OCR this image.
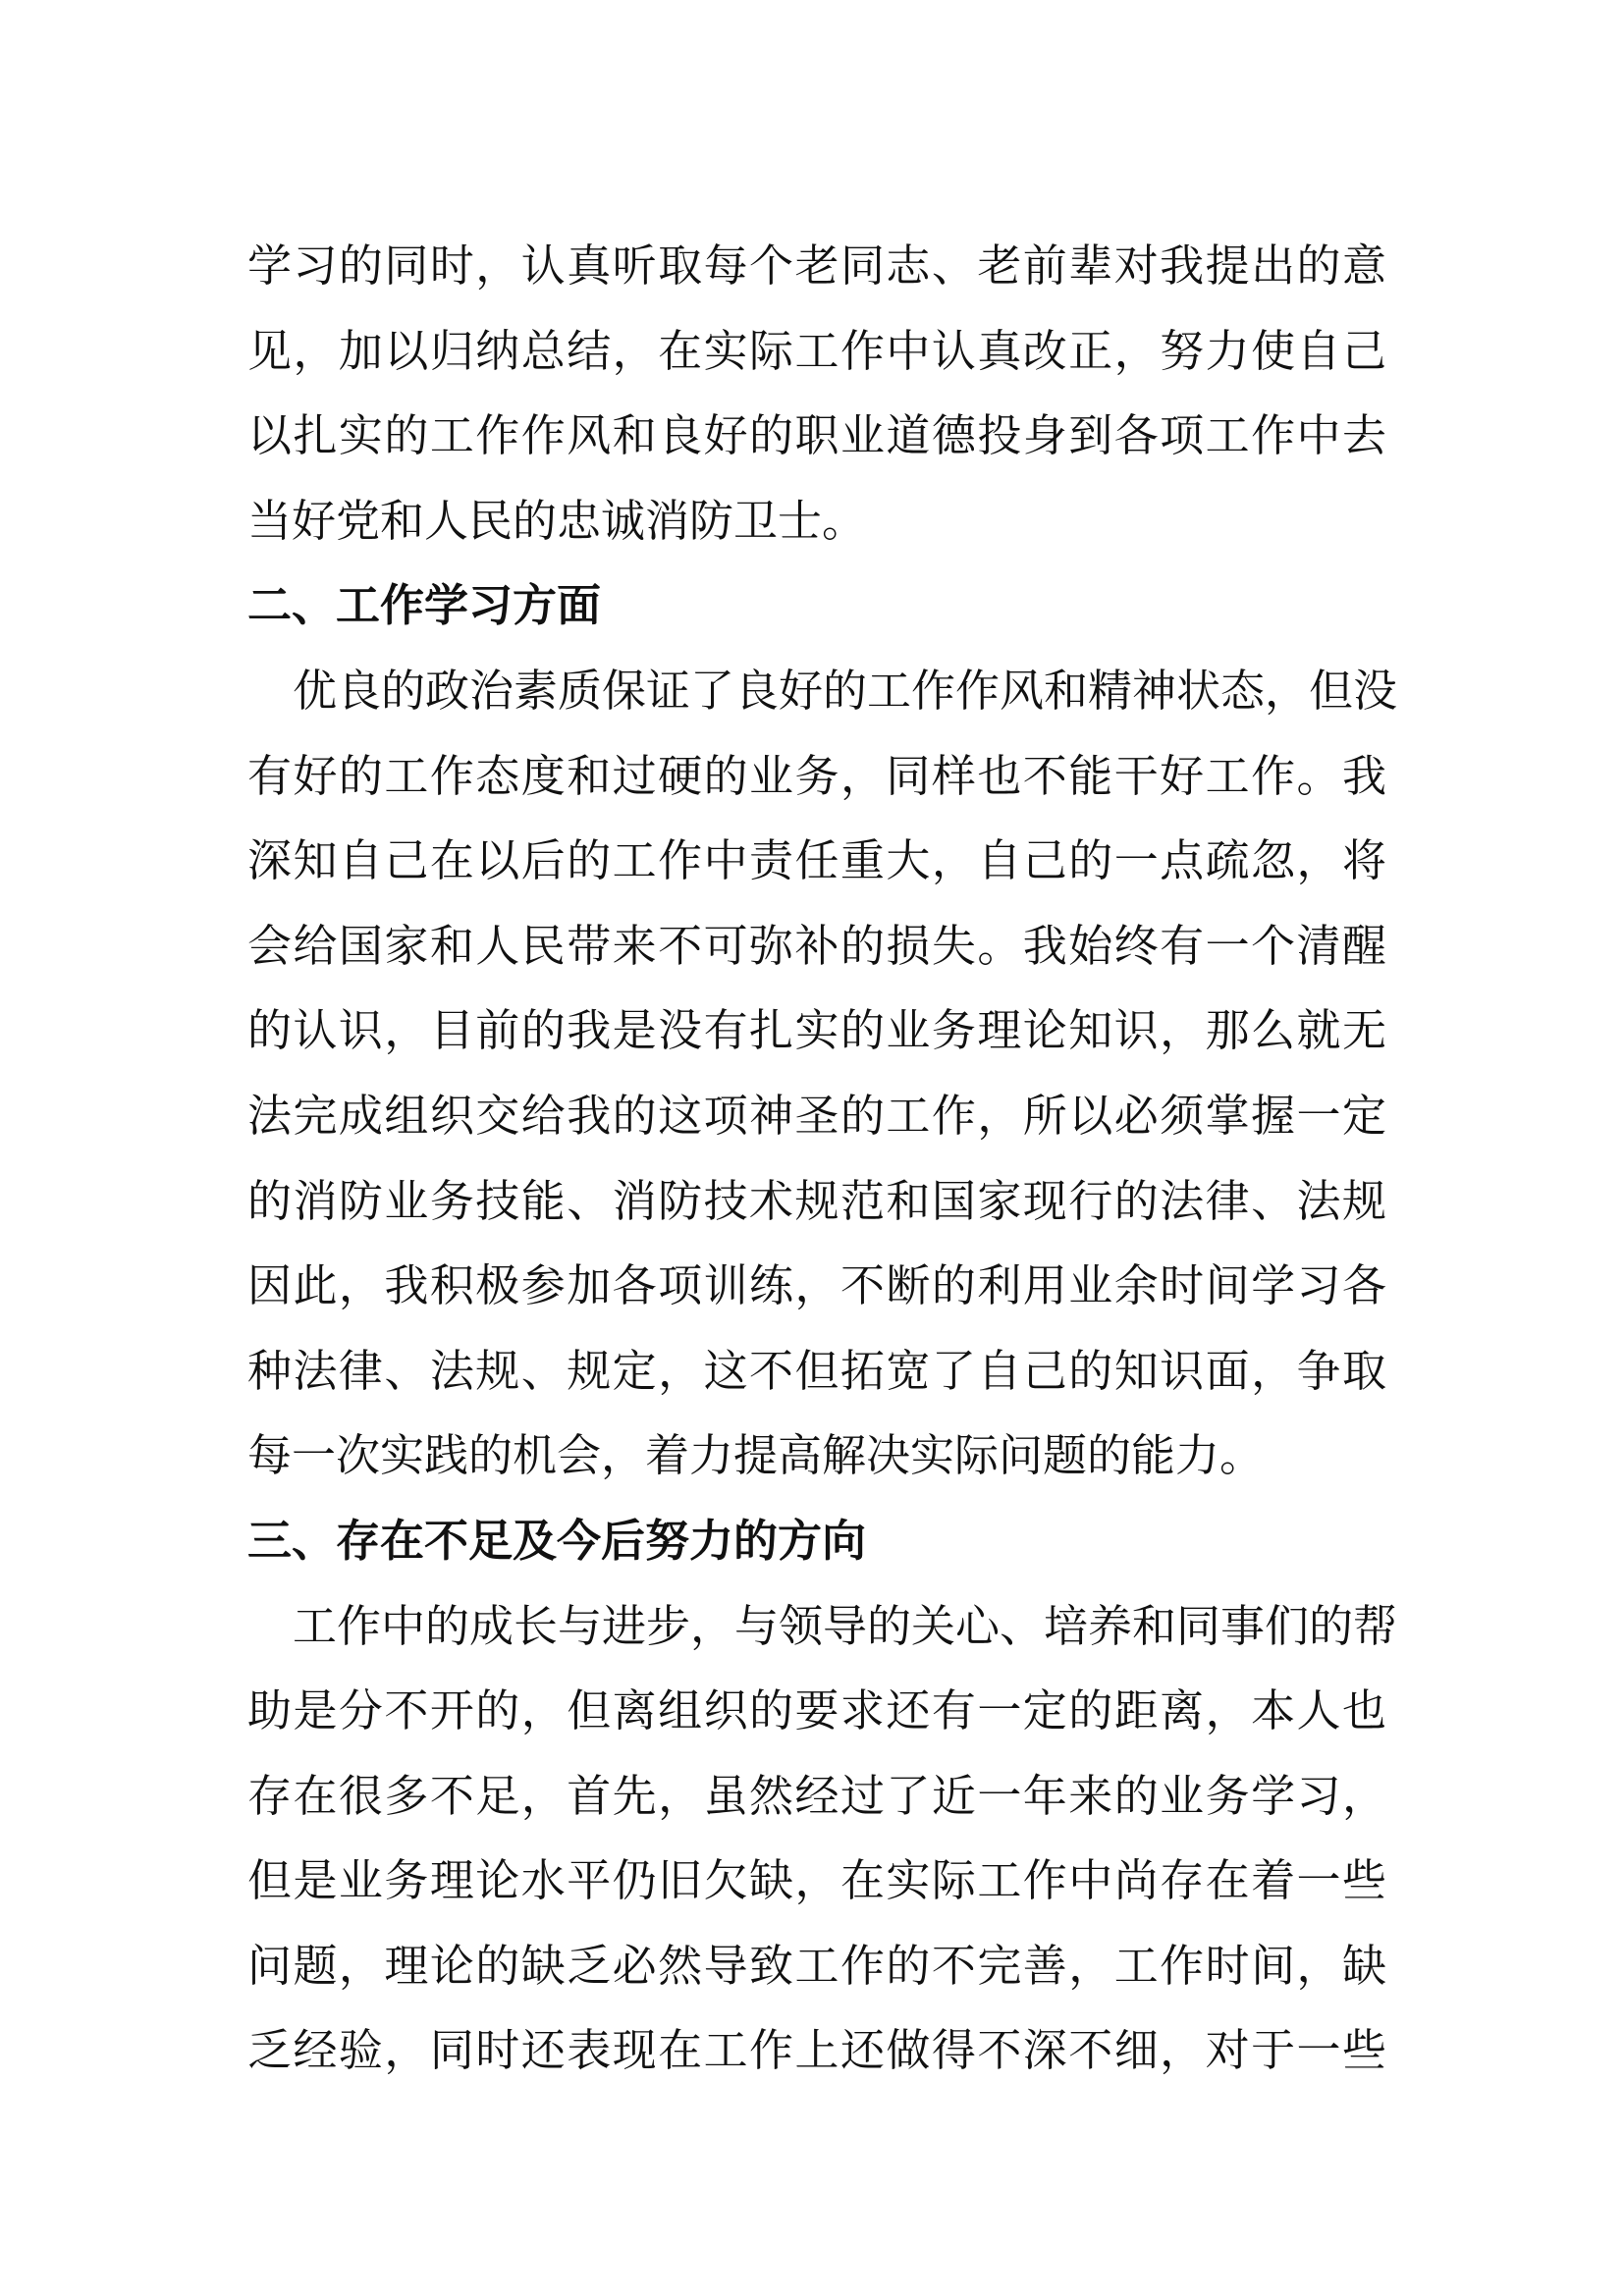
学习的同时，认真听取每个老同志、老前辈对我提出的意
见，加以归纳总结，在实际工作中认真改正，努力使自己
以扎实的工作作风和良好的职业道德投身到各项工作中去
当好党和人民的忠诚消防卫士。
二、工作学习方面
优良的政治素质保证了良好的工作作风和精神状态，但没
有好的工作态度和过硬的业务，同样也不能干好工作。我
深知自己在以后的工作中责任重大，自己的一点疏忽，将
会给国家和人民带来不可弥补的损失。我始终有一个清醒
的认识，目前的我是没有扎实的业务理论知识，那么就无
法完成组织交给我的这项神圣的工作，所以必须掌握一定
的消防业务技能、消防技术规范和国家现行的法律、法规
因此，我积极参加各项训练，不断的利用业余时间学习各
种法律、法规、规定，这不但拓宽了自己的知识面，争取
每一次实践的机会，着力提高解决实际问题的能力。
三、存在不足及今后努力的方向
工作中的成长与进步，与领导的关心、培养和同事们的帮
助是分不开的，但离组织的要求还有一定的距离，本人也
存在很多不足，首先，虽然经过了近一年来的业务学习，
但是业务理论水平仍旧欠缺，在实际工作中尚存在着一些
问题，理论的缺乏必然导致工作的不完善，工作时间，缺
乏经验，同时还表现在工作上还做得不深不细，对于一些
